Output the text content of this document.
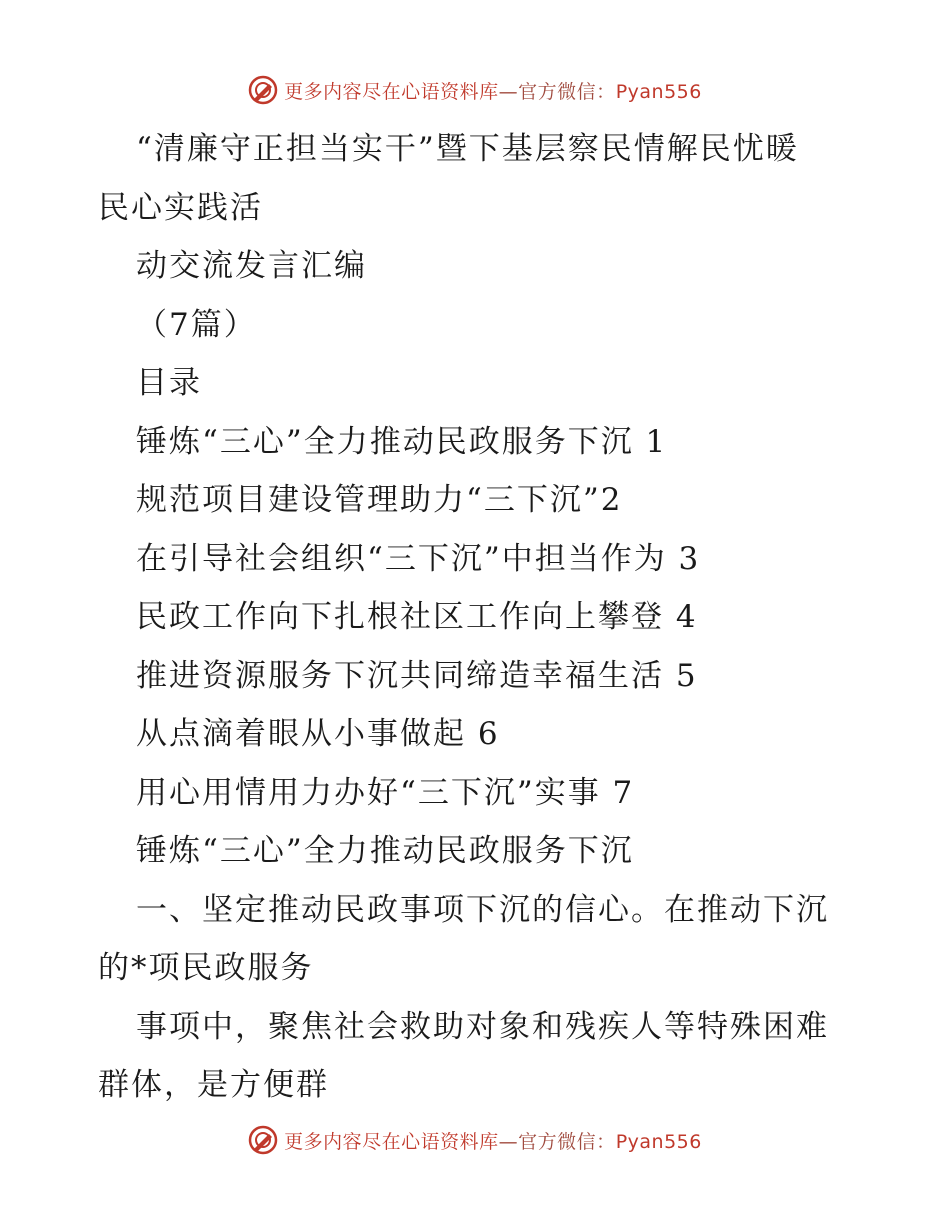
更多内容尽在心语资料库—官方微信：Pyan556
“清廉守正担当实干”暨下基层察民情解民忧暖
民心实践活
动交流发言汇编
（7篇）
目录
锤炼“三心”全力推动民政服务下沉 1
规范项目建设管理助力“三下沉”2
在引导社会组织“三下沉”中担当作为 3
民政工作向下扎根社区工作向上攀登 4
推进资源服务下沉共同缔造幸福生活 5
从点滴着眼从小事做起 6
用心用情用力办好“三下沉”实事 7
锤炼“三心”全力推动民政服务下沉
一、坚定推动民政事项下沉的信心。在推动下沉
的*项民政服务
事项中，聚焦社会救助对象和残疾人等特殊困难
群体，是方便群
更多内容尽在心语资料库—官方微信：Pyan556
